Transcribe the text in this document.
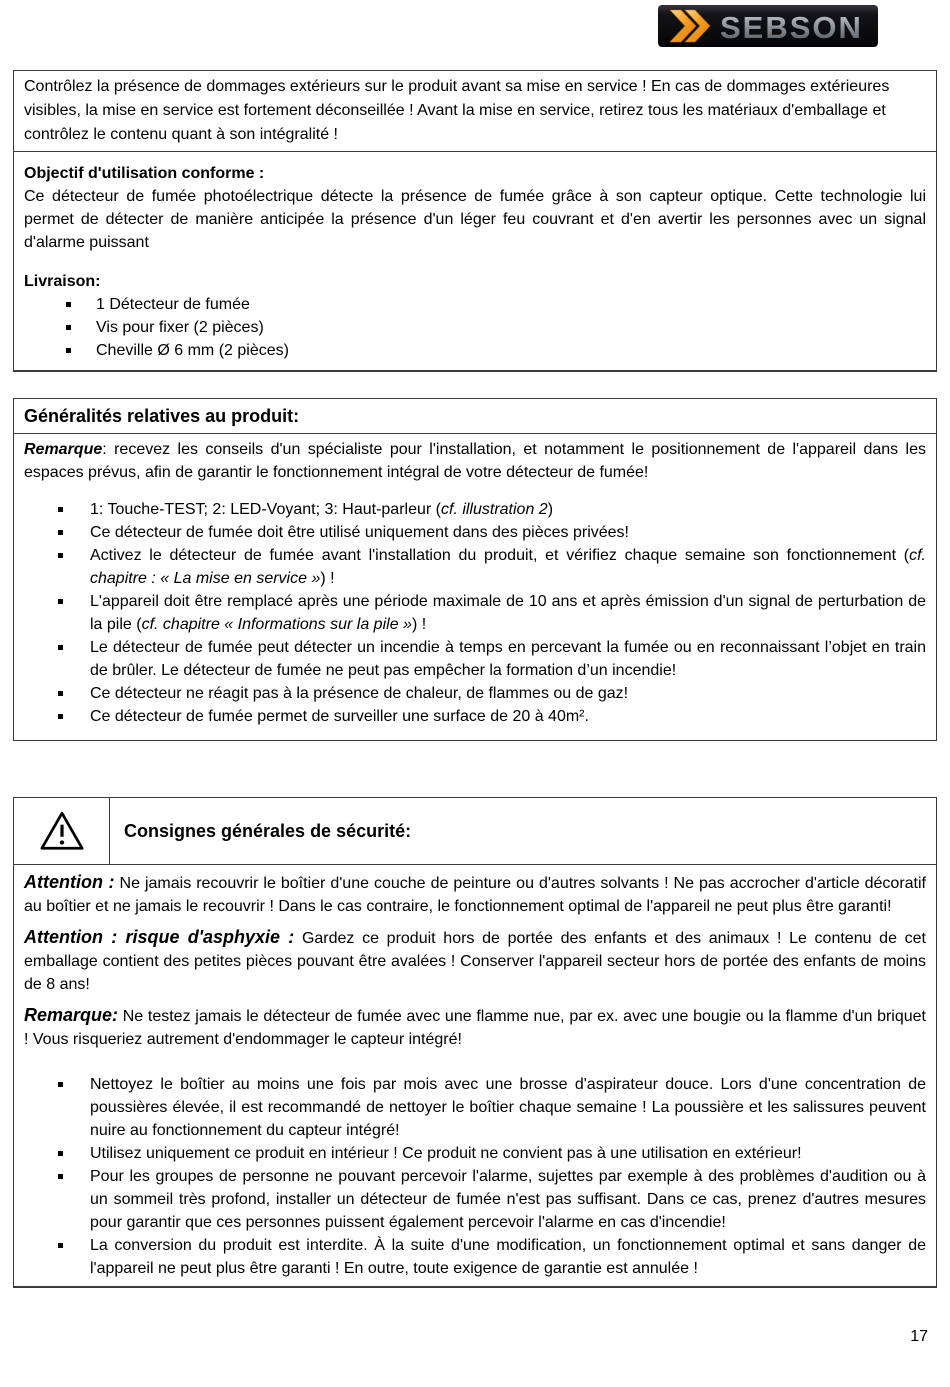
SEBSON
Contrôlez la présence de dommages extérieurs sur le produit avant sa mise en service ! En cas de dommages extérieures visibles, la mise en service est fortement déconseillée ! Avant la mise en service, retirez tous les matériaux d'emballage et contrôlez le contenu quant à son intégralité !
Objectif d'utilisation conforme :
Ce détecteur de fumée photoélectrique détecte la présence de fumée grâce à son capteur optique. Cette technologie lui permet de détecter de manière anticipée la présence d'un léger feu couvrant et d'en avertir les personnes avec un signal d'alarme puissant
Livraison:
1 Détecteur de fumée
Vis pour fixer (2 pièces)
Cheville Ø 6 mm (2 pièces)
Généralités relatives au produit:
Remarque: recevez les conseils d'un spécialiste pour l'installation, et notamment le positionnement de l'appareil dans les espaces prévus, afin de garantir le fonctionnement intégral de votre détecteur de fumée!
1: Touche-TEST; 2: LED-Voyant; 3: Haut-parleur (cf. illustration 2)
Ce détecteur de fumée doit être utilisé uniquement dans des pièces privées!
Activez le détecteur de fumée avant l'installation du produit, et vérifiez chaque semaine son fonctionnement (cf. chapitre : « La mise en service ») !
L'appareil doit être remplacé après une période maximale de 10 ans et après émission d'un signal de perturbation de la pile (cf. chapitre « Informations sur la pile ») !
Le détecteur de fumée peut détecter un incendie à temps en percevant la fumée ou en reconnaissant l’objet en train de brûler. Le détecteur de fumée ne peut pas empêcher la formation d’un incendie!
Ce détecteur ne réagit pas à la présence de chaleur, de flammes ou de gaz!
Ce détecteur de fumée permet de surveiller une surface de 20 à 40m².
Consignes générales de sécurité:
Attention : Ne jamais recouvrir le boîtier d'une couche de peinture ou d'autres solvants ! Ne pas accrocher d'article décoratif au boîtier et ne jamais le recouvrir ! Dans le cas contraire, le fonctionnement optimal de l'appareil ne peut plus être garanti!
Attention : risque d'asphyxie : Gardez ce produit hors de portée des enfants et des animaux ! Le contenu de cet emballage contient des petites pièces pouvant être avalées ! Conserver l'appareil secteur hors de portée des enfants de moins de 8 ans!
Remarque: Ne testez jamais le détecteur de fumée avec une flamme nue, par ex. avec une bougie ou la flamme d'un briquet ! Vous risqueriez autrement d'endommager le capteur intégré!
Nettoyez le boîtier au moins une fois par mois avec une brosse d'aspirateur douce. Lors d'une concentration de poussières élevée, il est recommandé de nettoyer le boîtier chaque semaine ! La poussière et les salissures peuvent nuire au fonctionnement du capteur intégré!
Utilisez uniquement ce produit en intérieur ! Ce produit ne convient pas à une utilisation en extérieur!
Pour les groupes de personne ne pouvant percevoir l'alarme, sujettes par exemple à des problèmes d'audition ou à un sommeil très profond, installer un détecteur de fumée n'est pas suffisant. Dans ce cas, prenez d'autres mesures pour garantir que ces personnes puissent également percevoir l'alarme en cas d'incendie!
La conversion du produit est interdite. À la suite d'une modification, un fonctionnement optimal et sans danger de l'appareil ne peut plus être garanti ! En outre, toute exigence de garantie est annulée !
17
